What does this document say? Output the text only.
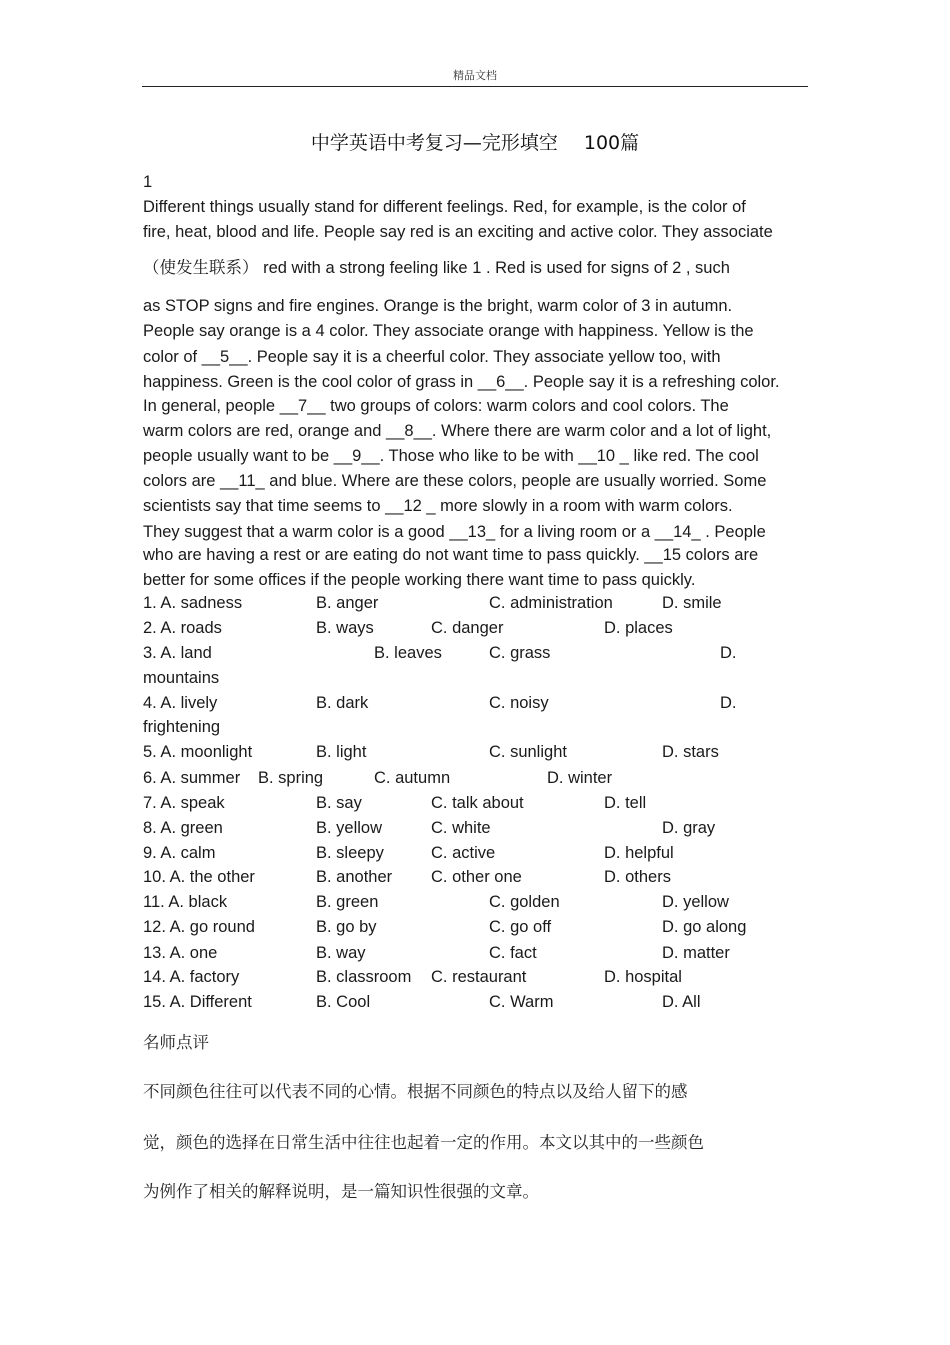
精品文档
中学英语中考复习—完形填空 100篇
1
Different things usually stand for different feelings. Red, for example, is the color of
fire, heat, blood and life. People say red is an exciting and active color. They associate
（使发生联系） red with a strong feeling like 1 . Red is used for signs of 2 , such
as STOP signs and fire engines. Orange is the bright, warm color of 3 in autumn.
People say orange is a 4 color. They associate orange with happiness. Yellow is the
color of __5__. People say it is a cheerful color. They associate yellow too, with
happiness. Green is the cool color of grass in __6__. People say it is a refreshing color.
In general, people __7__ two groups of colors: warm colors and cool colors. The
warm colors are red, orange and __8__. Where there are warm color and a lot of light,
people usually want to be __9__. Those who like to be with __10 _ like red. The cool
colors are __11_ and blue. Where are these colors, people are usually worried. Some
scientists say that time seems to __12 _ more slowly in a room with warm colors.
They suggest that a warm color is a good __13_ for a living room or a __14_ . People
who are having a rest or are eating do not want time to pass quickly. __15 colors are
better for some offices if the people working there want time to pass quickly.
1. A. sadness	B. anger	C. administration	D. smile
2. A. roads	B. ways	C. danger	D. places
3. A. land	B. leaves	C. grass	D.
mountains
4. A. lively	B. dark	C. noisy	D.
frightening
5. A. moonlight	B. light	C. sunlight	D. stars
6. A. summer B. spring	C. autumn	D. winter
7. A. speak	B. say	C. talk about	D. tell
8. A. green	B. yellow	C. white	D. gray
9. A. calm	B. sleepy	C. active	D. helpful
10. A. the other	B. another C. other one	D. others
11. A. black	B. green	C. golden	D. yellow
12. A. go round	B. go by	C. go off	D. go along
13. A. one	B. way	C. fact	D. matter
14. A. factory	B. classroom C. restaurant	D. hospital
15. A. Different	B. Cool	C. Warm	D. All
名师点评
不同颜色往往可以代表不同的心情。根据不同颜色的特点以及给人留下的感
觉，颜色的选择在日常生活中往往也起着一定的作用。本文以其中的一些颜色
为例作了相关的解释说明，是一篇知识性很强的文章。
